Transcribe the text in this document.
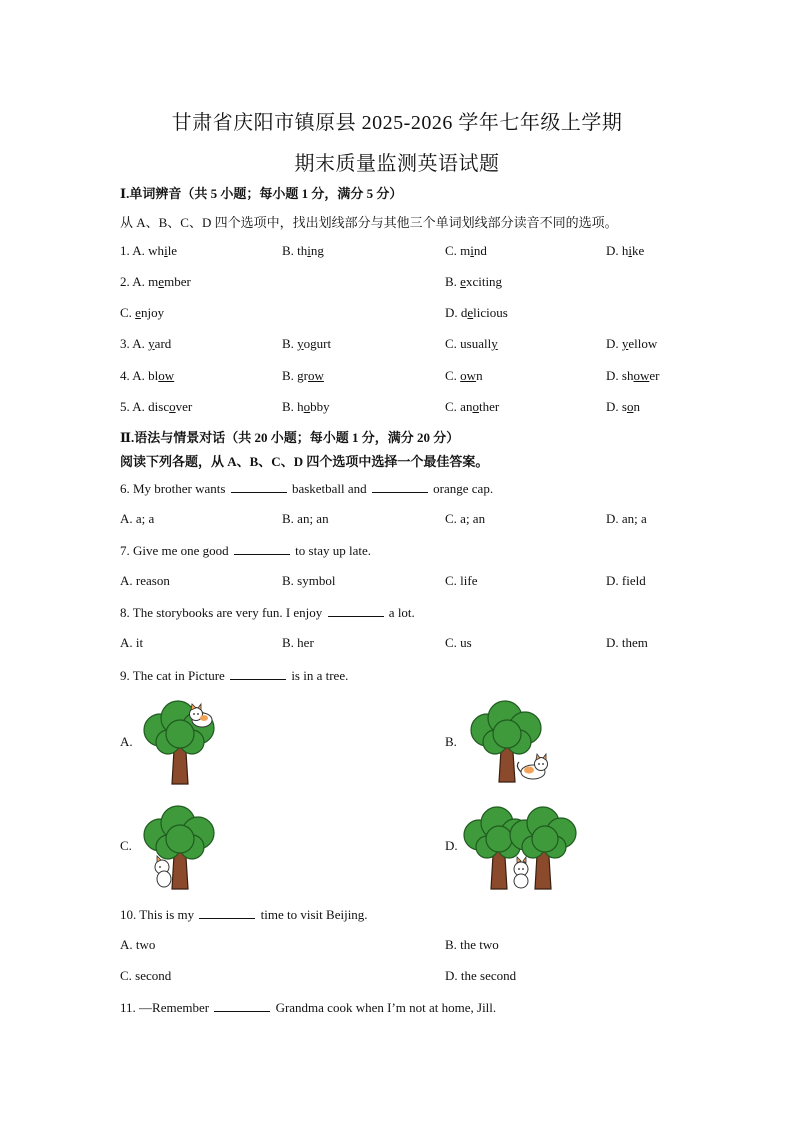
甘肃省庆阳市镇原县 2025-2026 学年七年级上学期
期末质量监测英语试题
Ⅰ.单词辨音（共 5 小题；每小题 1 分，满分 5 分）
从 A、B、C、D 四个选项中，找出划线部分与其他三个单词划线部分读音不同的选项。
1. A. while	B. thing	C. mind	D. hike
2. A. member	B. exciting
C. enjoy	D. delicious
3. A. yard	B. yogurt	C. usually	D. yellow
4. A. blow	B. grow	C. own	D. shower
5. A. discover	B. hobby	C. another	D. son
Ⅱ.语法与情景对话（共 20 小题；每小题 1 分，满分 20 分）
阅读下列各题，从 A、B、C、D 四个选项中选择一个最佳答案。
6. My brother wants	basketball and	orange cap.
A. a; a	B. an; an	C. a; an	D. an; a
7. Give me one good	to stay up late.
A. reason	B. symbol	C. life	D. field
8. The storybooks are very fun. I enjoy	a lot.
A. it	B. her	C. us	D. them
9. The cat in Picture	is in a tree.
A.	B.
C.	D.
10. This is my	time to visit Beijing.
A. two	B. the two
C. second	D. the second
11. —Remember	Grandma cook when I’m not at home, Jill.
